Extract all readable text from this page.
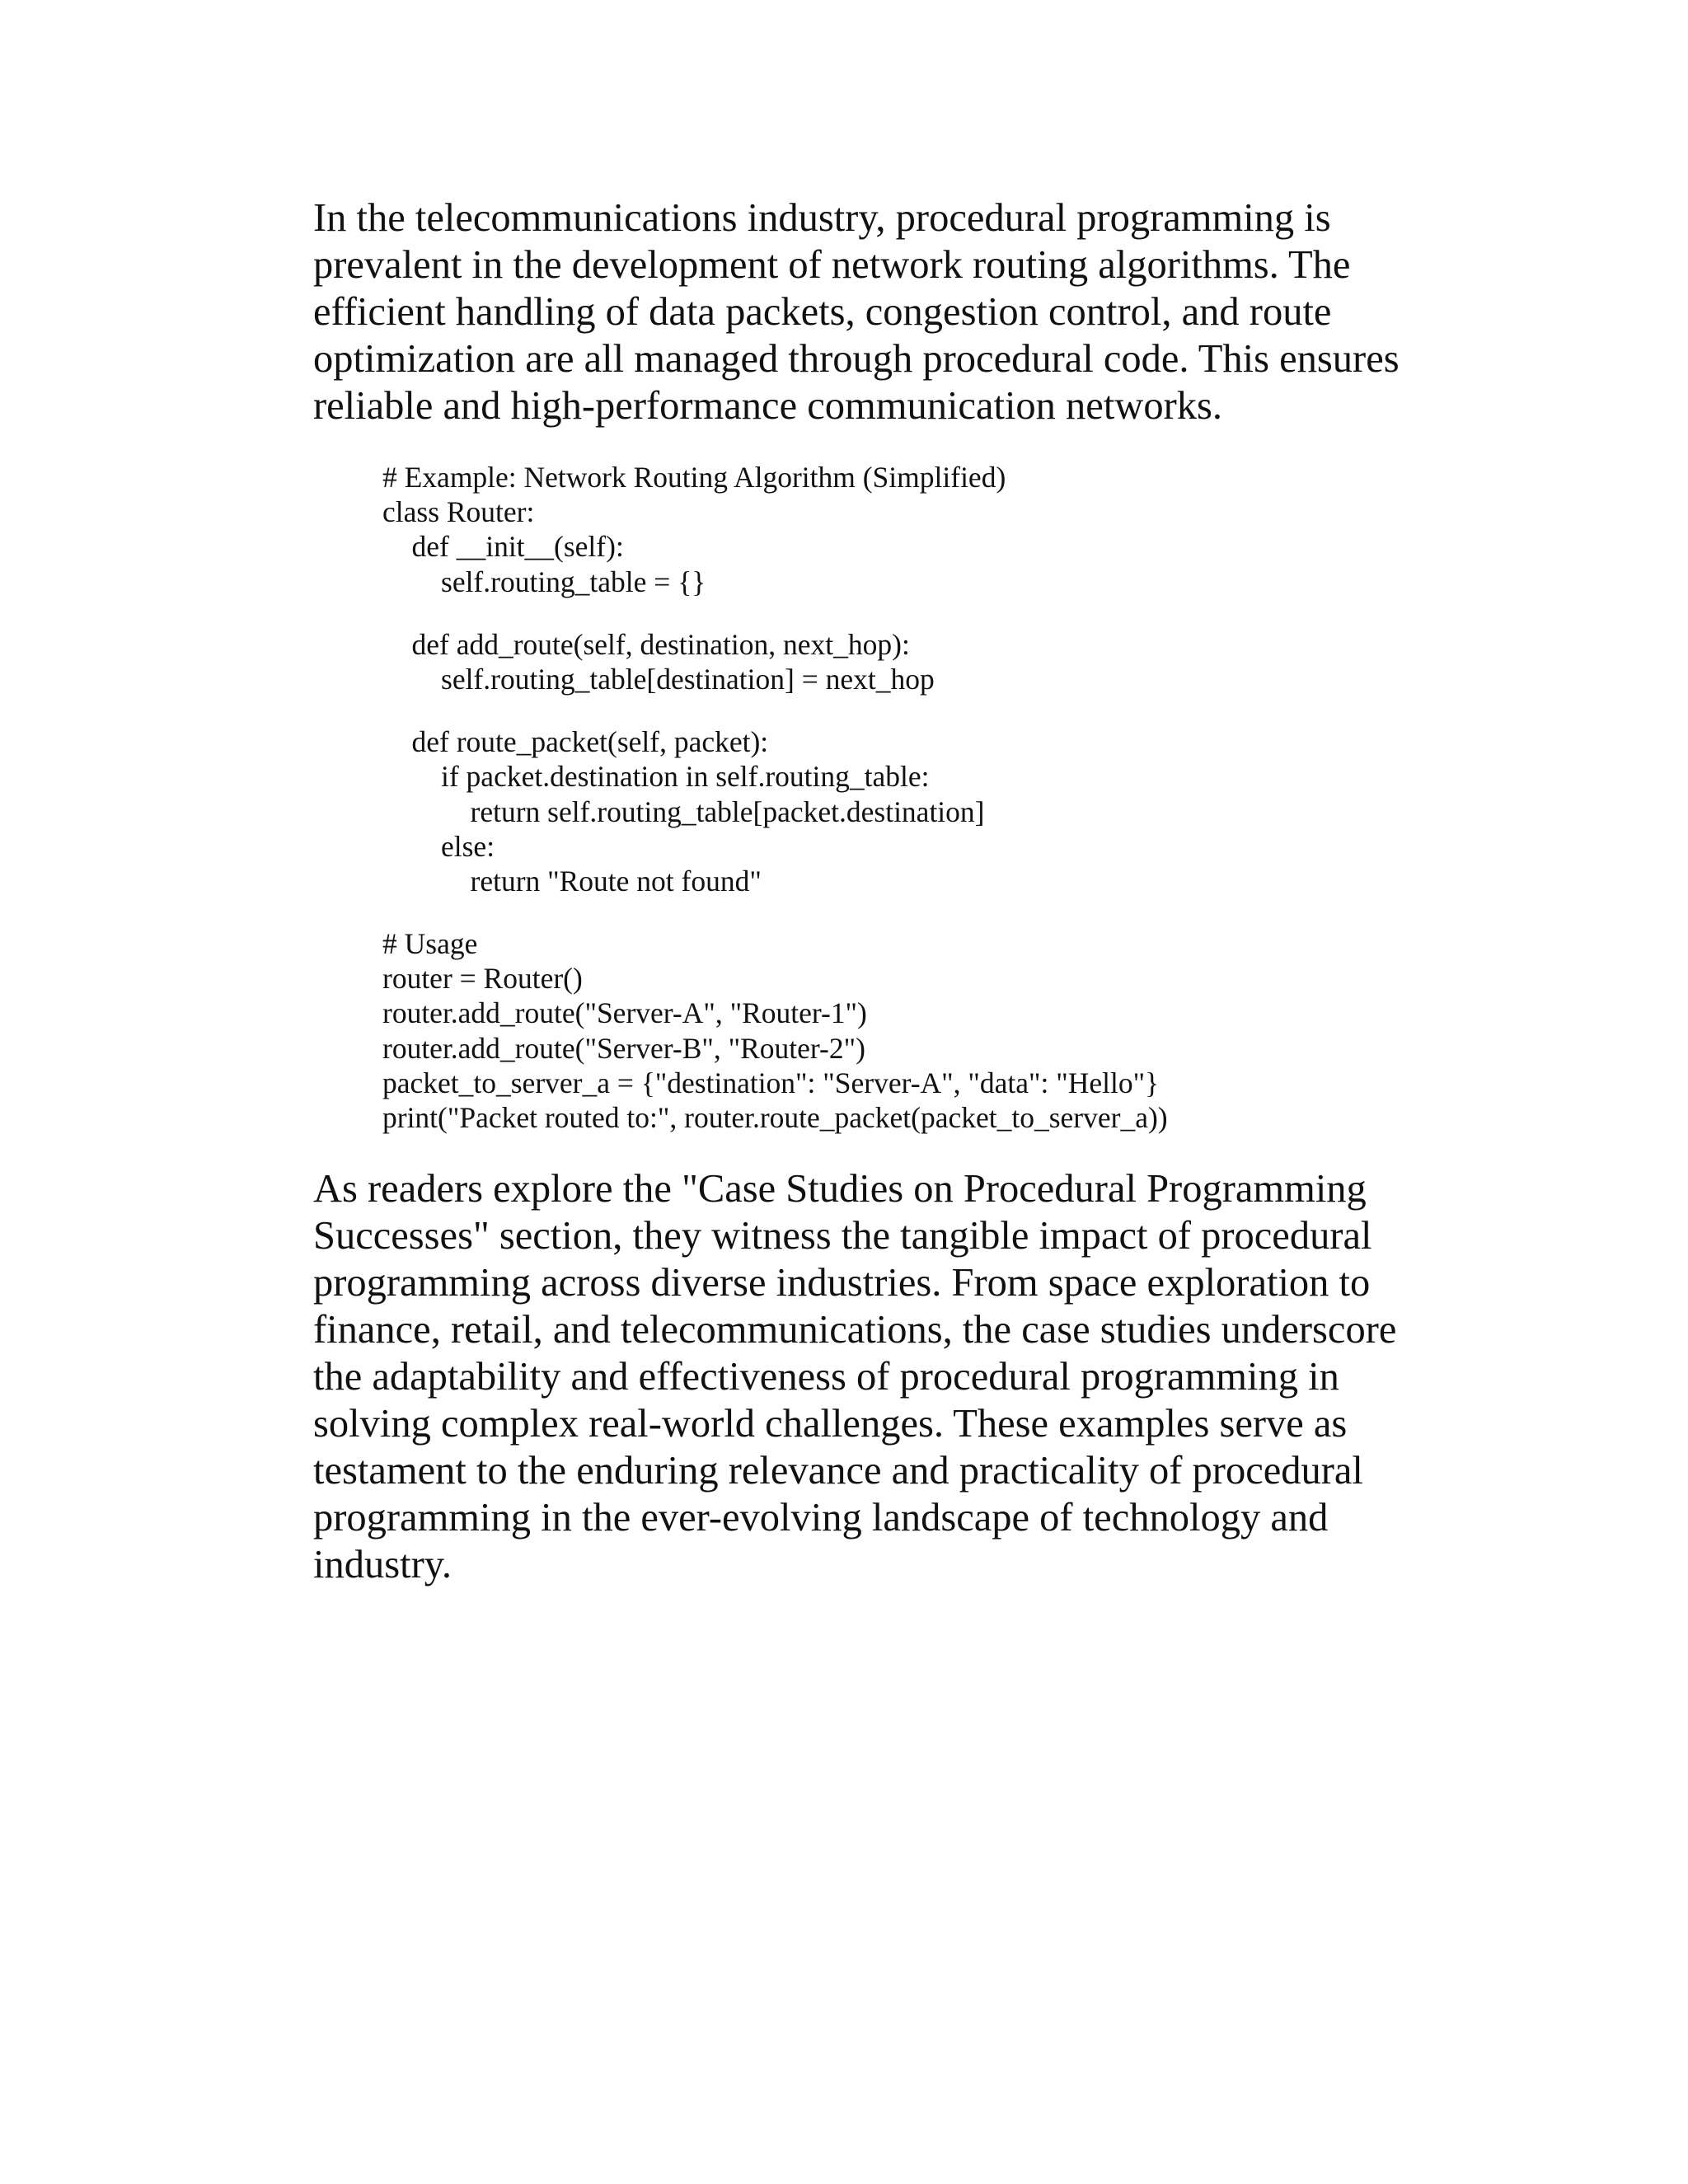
In the telecommunications industry, procedural programming is prevalent in the development of network routing algorithms. The efficient handling of data packets, congestion control, and route optimization are all managed through procedural code. This ensures reliable and high-performance communication networks.

# Example: Network Routing Algorithm (Simplified)
class Router:
def __init__(self):
self.routing_table = {}
def add_route(self, destination, next_hop):
self.routing_table[destination] = next_hop
def route_packet(self, packet):
if packet.destination in self.routing_table:
return self.routing_table[packet.destination]
else:
return "Route not found"
# Usage
router = Router()
router.add_route("Server-A", "Router-1")
router.add_route("Server-B", "Router-2")
packet_to_server_a = {"destination": "Server-A", "data": "Hello"}
print("Packet routed to:", router.route_packet(packet_to_server_a))

As readers explore the "Case Studies on Procedural Programming Successes" section, they witness the tangible impact of procedural programming across diverse industries. From space exploration to finance, retail, and telecommunications, the case studies underscore the adaptability and effectiveness of procedural programming in solving complex real-world challenges. These examples serve as testament to the enduring relevance and practicality of procedural programming in the ever-evolving landscape of technology and industry.
